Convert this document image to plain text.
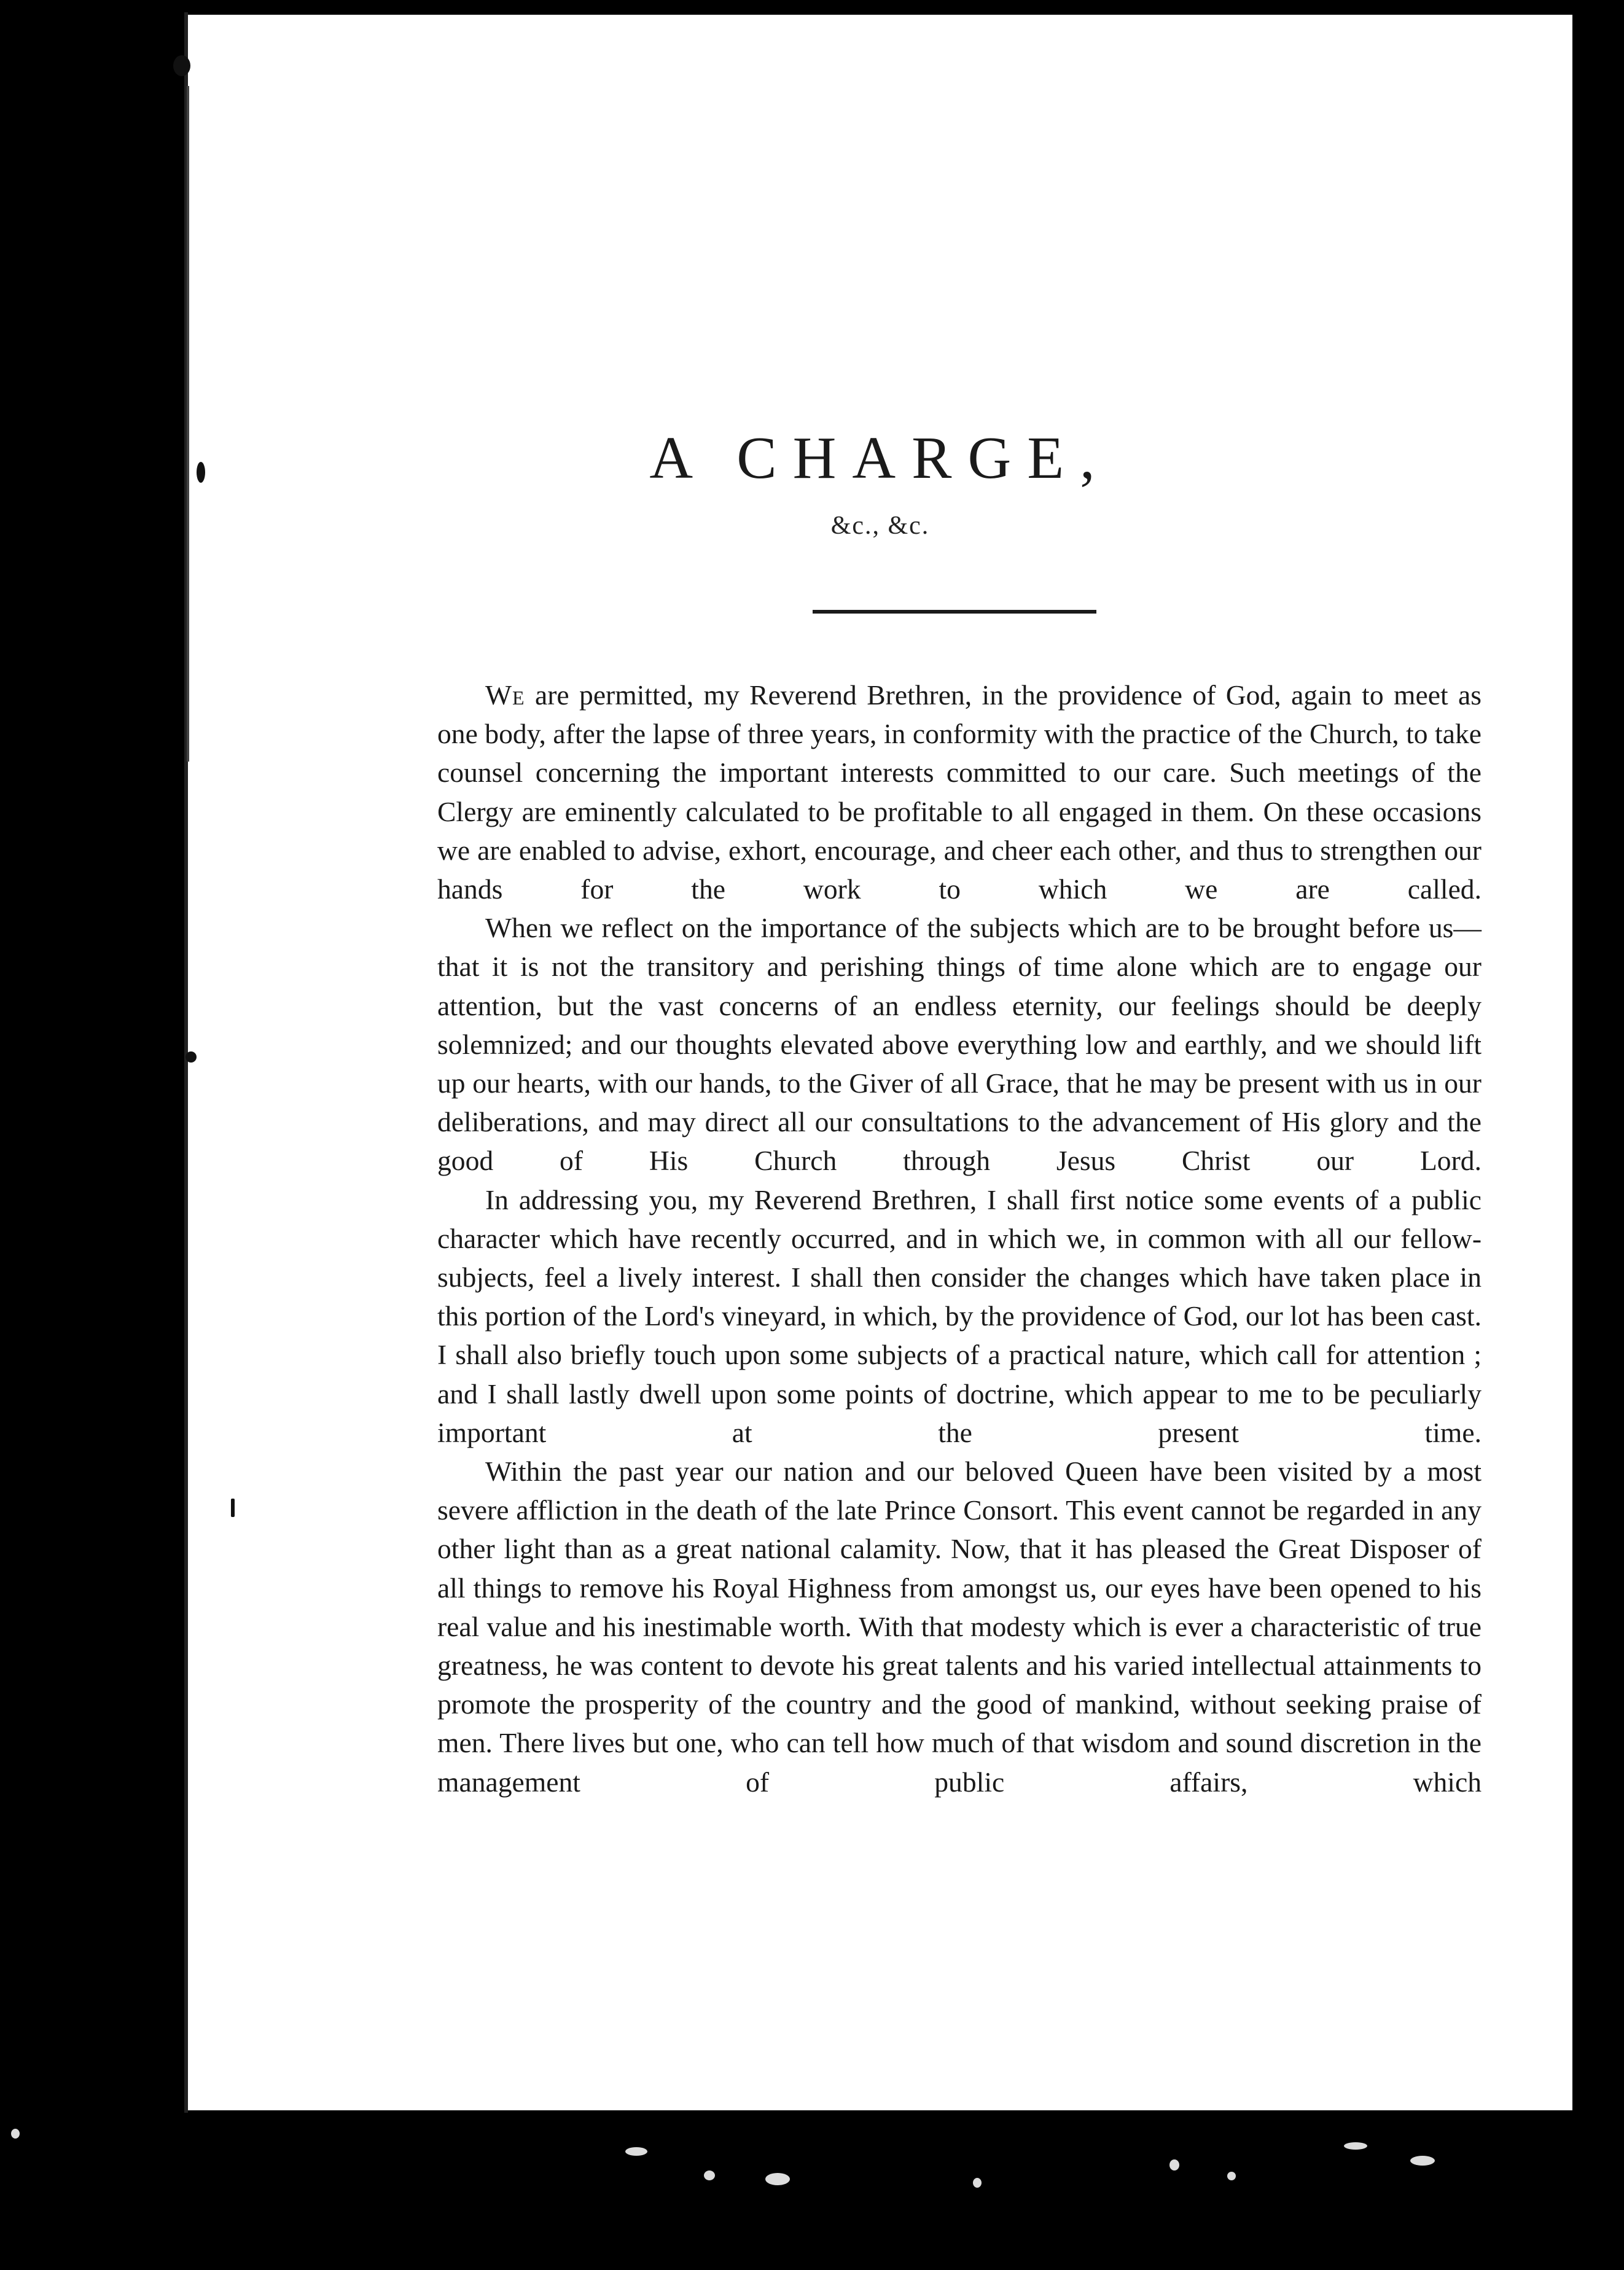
A CHARGE,
&c., &c.

We are permitted, my Reverend Brethren, in the providence of God, again to meet as one body, after the lapse of three years, in conformity with the practice of the Church, to take counsel concerning the important interests committed to our care. Such meetings of the Clergy are eminently calculated to be profitable to all engaged in them. On these occasions we are enabled to advise, exhort, encourage, and cheer each other, and thus to strengthen our hands for the work to which we are called.

When we reflect on the importance of the subjects which are to be brought before us—that it is not the transitory and perishing things of time alone which are to engage our attention, but the vast concerns of an endless eternity, our feelings should be deeply solemnized; and our thoughts elevated above everything low and earthly, and we should lift up our hearts, with our hands, to the Giver of all Grace, that he may be present with us in our deliberations, and may direct all our consultations to the advancement of His glory and the good of His Church through Jesus Christ our Lord.

In addressing you, my Reverend Brethren, I shall first notice some events of a public character which have recently occurred, and in which we, in common with all our fellow-subjects, feel a lively interest. I shall then consider the changes which have taken place in this portion of the Lord's vineyard, in which, by the providence of God, our lot has been cast. I shall also briefly touch upon some subjects of a practical nature, which call for attention ; and I shall lastly dwell upon some points of doctrine, which appear to me to be peculiarly important at the present time.

Within the past year our nation and our beloved Queen have been visited by a most severe affliction in the death of the late Prince Consort. This event cannot be regarded in any other light than as a great national calamity. Now, that it has pleased the Great Disposer of all things to remove his Royal Highness from amongst us, our eyes have been opened to his real value and his inestimable worth. With that modesty which is ever a characteristic of true greatness, he was content to devote his great talents and his varied intellectual attainments to promote the prosperity of the country and the good of mankind, without seeking praise of men. There lives but one, who can tell how much of that wisdom and sound discretion in the management of public affairs, which
